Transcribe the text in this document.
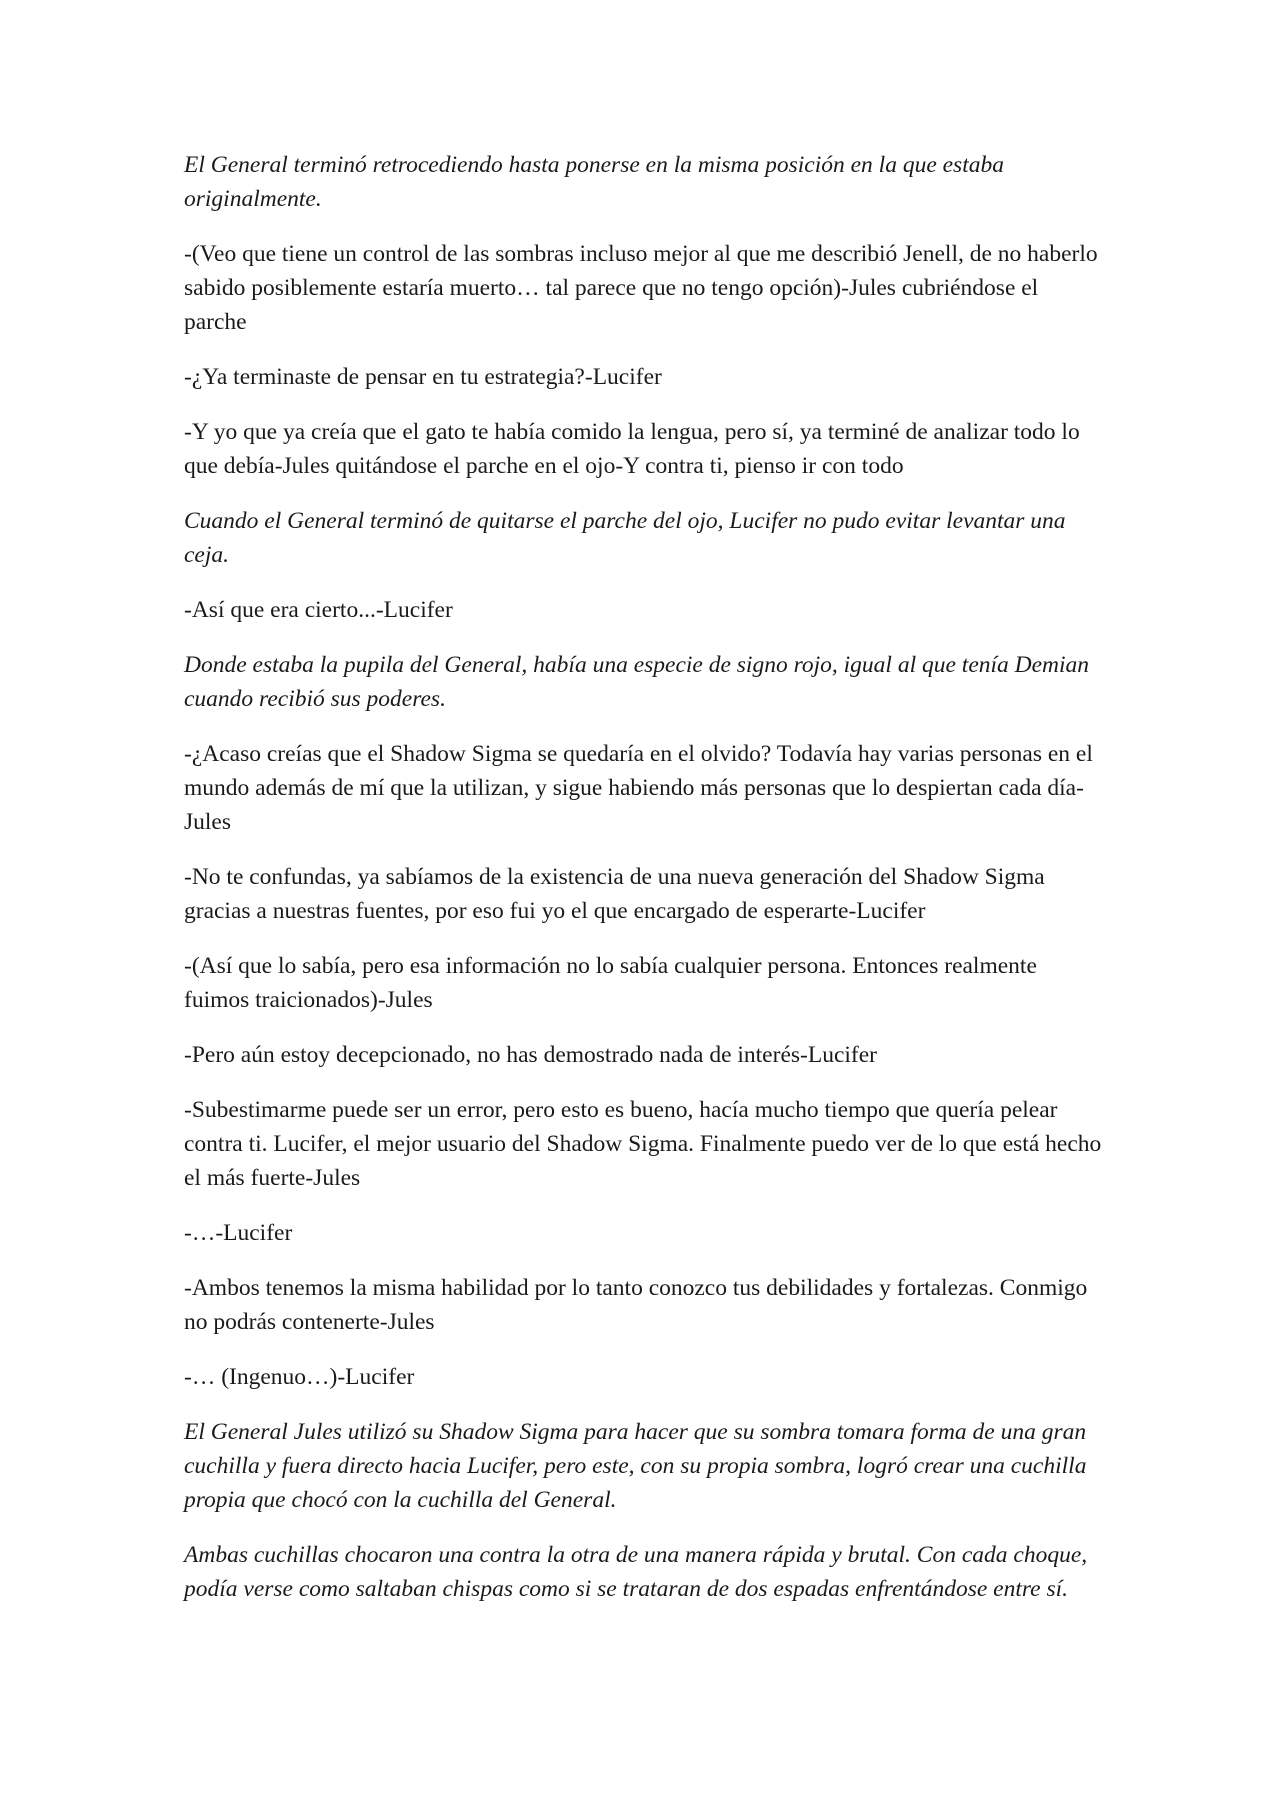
El General terminó retrocediendo hasta ponerse en la misma posición en la que estaba originalmente.

-(Veo que tiene un control de las sombras incluso mejor al que me describió Jenell, de no haberlo sabido posiblemente estaría muerto… tal parece que no tengo opción)-Jules cubriéndose el parche

-¿Ya terminaste de pensar en tu estrategia?-Lucifer

-Y yo que ya creía que el gato te había comido la lengua, pero sí, ya terminé de analizar todo lo que debía-Jules quitándose el parche en el ojo-Y contra ti, pienso ir con todo

Cuando el General terminó de quitarse el parche del ojo, Lucifer no pudo evitar levantar una ceja.

-Así que era cierto...-Lucifer

Donde estaba la pupila del General, había una especie de signo rojo, igual al que tenía Demian cuando recibió sus poderes.

-¿Acaso creías que el Shadow Sigma se quedaría en el olvido? Todavía hay varias personas en el mundo además de mí que la utilizan, y sigue habiendo más personas que lo despiertan cada día-Jules

-No te confundas, ya sabíamos de la existencia de una nueva generación del Shadow Sigma gracias a nuestras fuentes, por eso fui yo el que encargado de esperarte-Lucifer

-(Así que lo sabía, pero esa información no lo sabía cualquier persona. Entonces realmente fuimos traicionados)-Jules

-Pero aún estoy decepcionado, no has demostrado nada de interés-Lucifer

-Subestimarme puede ser un error, pero esto es bueno, hacía mucho tiempo que quería pelear contra ti. Lucifer, el mejor usuario del Shadow Sigma. Finalmente puedo ver de lo que está hecho el más fuerte-Jules

-…-Lucifer

-Ambos tenemos la misma habilidad por lo tanto conozco tus debilidades y fortalezas. Conmigo no podrás contenerte-Jules

-… (Ingenuo…)-Lucifer

El General Jules utilizó su Shadow Sigma para hacer que su sombra tomara forma de una gran cuchilla y fuera directo hacia Lucifer, pero este, con su propia sombra, logró crear una cuchilla propia que chocó con la cuchilla del General.

Ambas cuchillas chocaron una contra la otra de una manera rápida y brutal. Con cada choque, podía verse como saltaban chispas como si se trataran de dos espadas enfrentándose entre sí.
